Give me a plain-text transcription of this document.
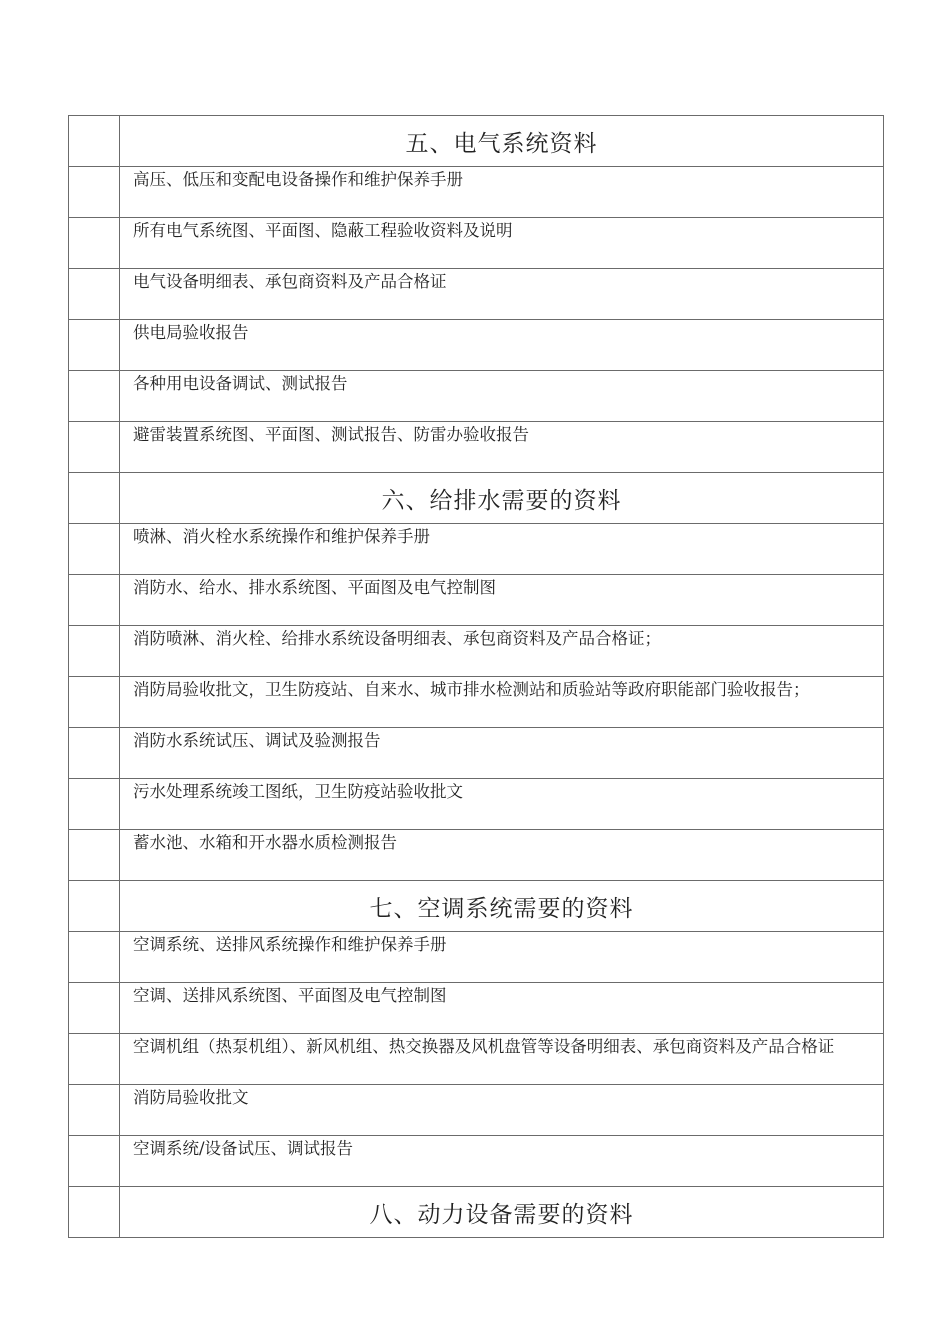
	五、电气系统资料
	高压、低压和变配电设备操作和维护保养手册
	所有电气系统图、平面图、隐蔽工程验收资料及说明
	电气设备明细表、承包商资料及产品合格证
	供电局验收报告
	各种用电设备调试、测试报告
	避雷装置系统图、平面图、测试报告、防雷办验收报告
	六、给排水需要的资料
	喷淋、消火栓水系统操作和维护保养手册
	消防水、给水、排水系统图、平面图及电气控制图
	消防喷淋、消火栓、给排水系统设备明细表、承包商资料及产品合格证；
	消防局验收批文，卫生防疫站、自来水、城市排水检测站和质验站等政府职能部门验收报告；
	消防水系统试压、调试及验测报告
	污水处理系统竣工图纸，卫生防疫站验收批文
	蓄水池、水箱和开水器水质检测报告
	七、空调系统需要的资料
	空调系统、送排风系统操作和维护保养手册
	空调、送排风系统图、平面图及电气控制图
	空调机组（热泵机组）、新风机组、热交换器及风机盘管等设备明细表、承包商资料及产品合格证
	消防局验收批文
	空调系统/设备试压、调试报告
	八、动力设备需要的资料
